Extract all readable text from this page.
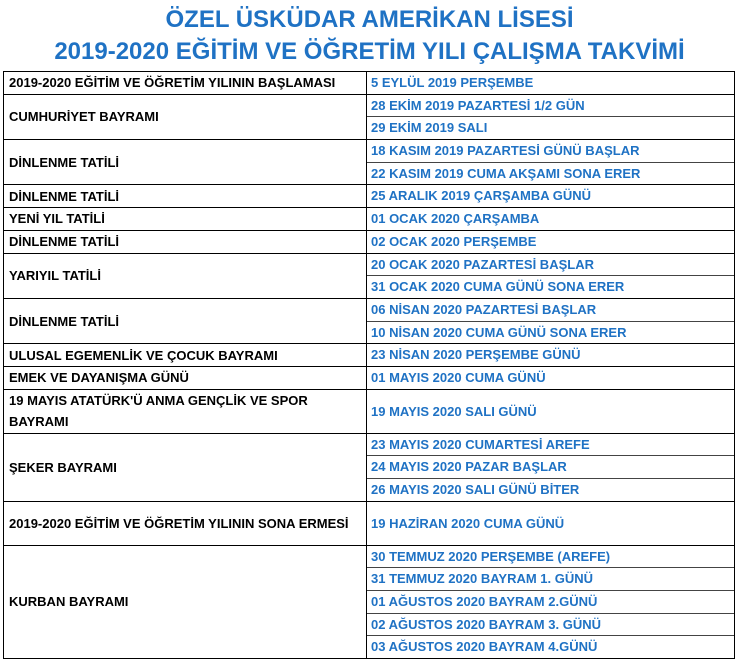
ÖZEL ÜSKÜDAR AMERİKAN LİSESİ
2019-2020 EĞİTİM VE ÖĞRETİM YILI ÇALIŞMA TAKVİMİ
2019-2020 EĞİTİM VE ÖĞRETİM YILININ BAŞLAMASI	5 EYLÜL 2019 PERŞEMBE

CUMHURİYET BAYRAMI	28 EKİM 2019 PAZARTESİ 1/2 GÜN
29 EKİM 2019 SALI

DİNLENME TATİLİ	18 KASIM 2019 PAZARTESİ GÜNÜ BAŞLAR
22 KASIM 2019 CUMA AKŞAMI SONA ERER

DİNLENME TATİLİ	25 ARALIK 2019 ÇARŞAMBA GÜNÜ

YENİ YIL TATİLİ	01 OCAK 2020 ÇARŞAMBA

DİNLENME TATİLİ	02 OCAK 2020 PERŞEMBE

YARIYIL TATİLİ	20 OCAK 2020 PAZARTESİ BAŞLAR
31 OCAK 2020 CUMA GÜNÜ SONA ERER

DİNLENME TATİLİ	06 NİSAN 2020 PAZARTESİ BAŞLAR
10 NİSAN 2020 CUMA GÜNÜ SONA ERER

ULUSAL EGEMENLİK VE ÇOCUK BAYRAMI	23 NİSAN 2020 PERŞEMBE GÜNÜ

EMEK VE DAYANIŞMA GÜNÜ	01 MAYIS 2020 CUMA GÜNÜ

19 MAYIS ATATÜRK'Ü ANMA GENÇLİK VE SPOR BAYRAMI	19 MAYIS 2020 SALI GÜNÜ

ŞEKER BAYRAMI	23 MAYIS 2020 CUMARTESİ AREFE
24 MAYIS 2020 PAZAR BAŞLAR
26 MAYIS 2020 SALI GÜNÜ BİTER

2019-2020 EĞİTİM VE ÖĞRETİM YILININ SONA ERMESİ	19 HAZİRAN 2020 CUMA GÜNÜ

KURBAN BAYRAMI	30 TEMMUZ 2020 PERŞEMBE (AREFE)
31 TEMMUZ 2020 BAYRAM 1. GÜNÜ
01 AĞUSTOS 2020 BAYRAM 2.GÜNÜ
02 AĞUSTOS 2020 BAYRAM 3. GÜNÜ
03 AĞUSTOS 2020 BAYRAM 4.GÜNÜ
